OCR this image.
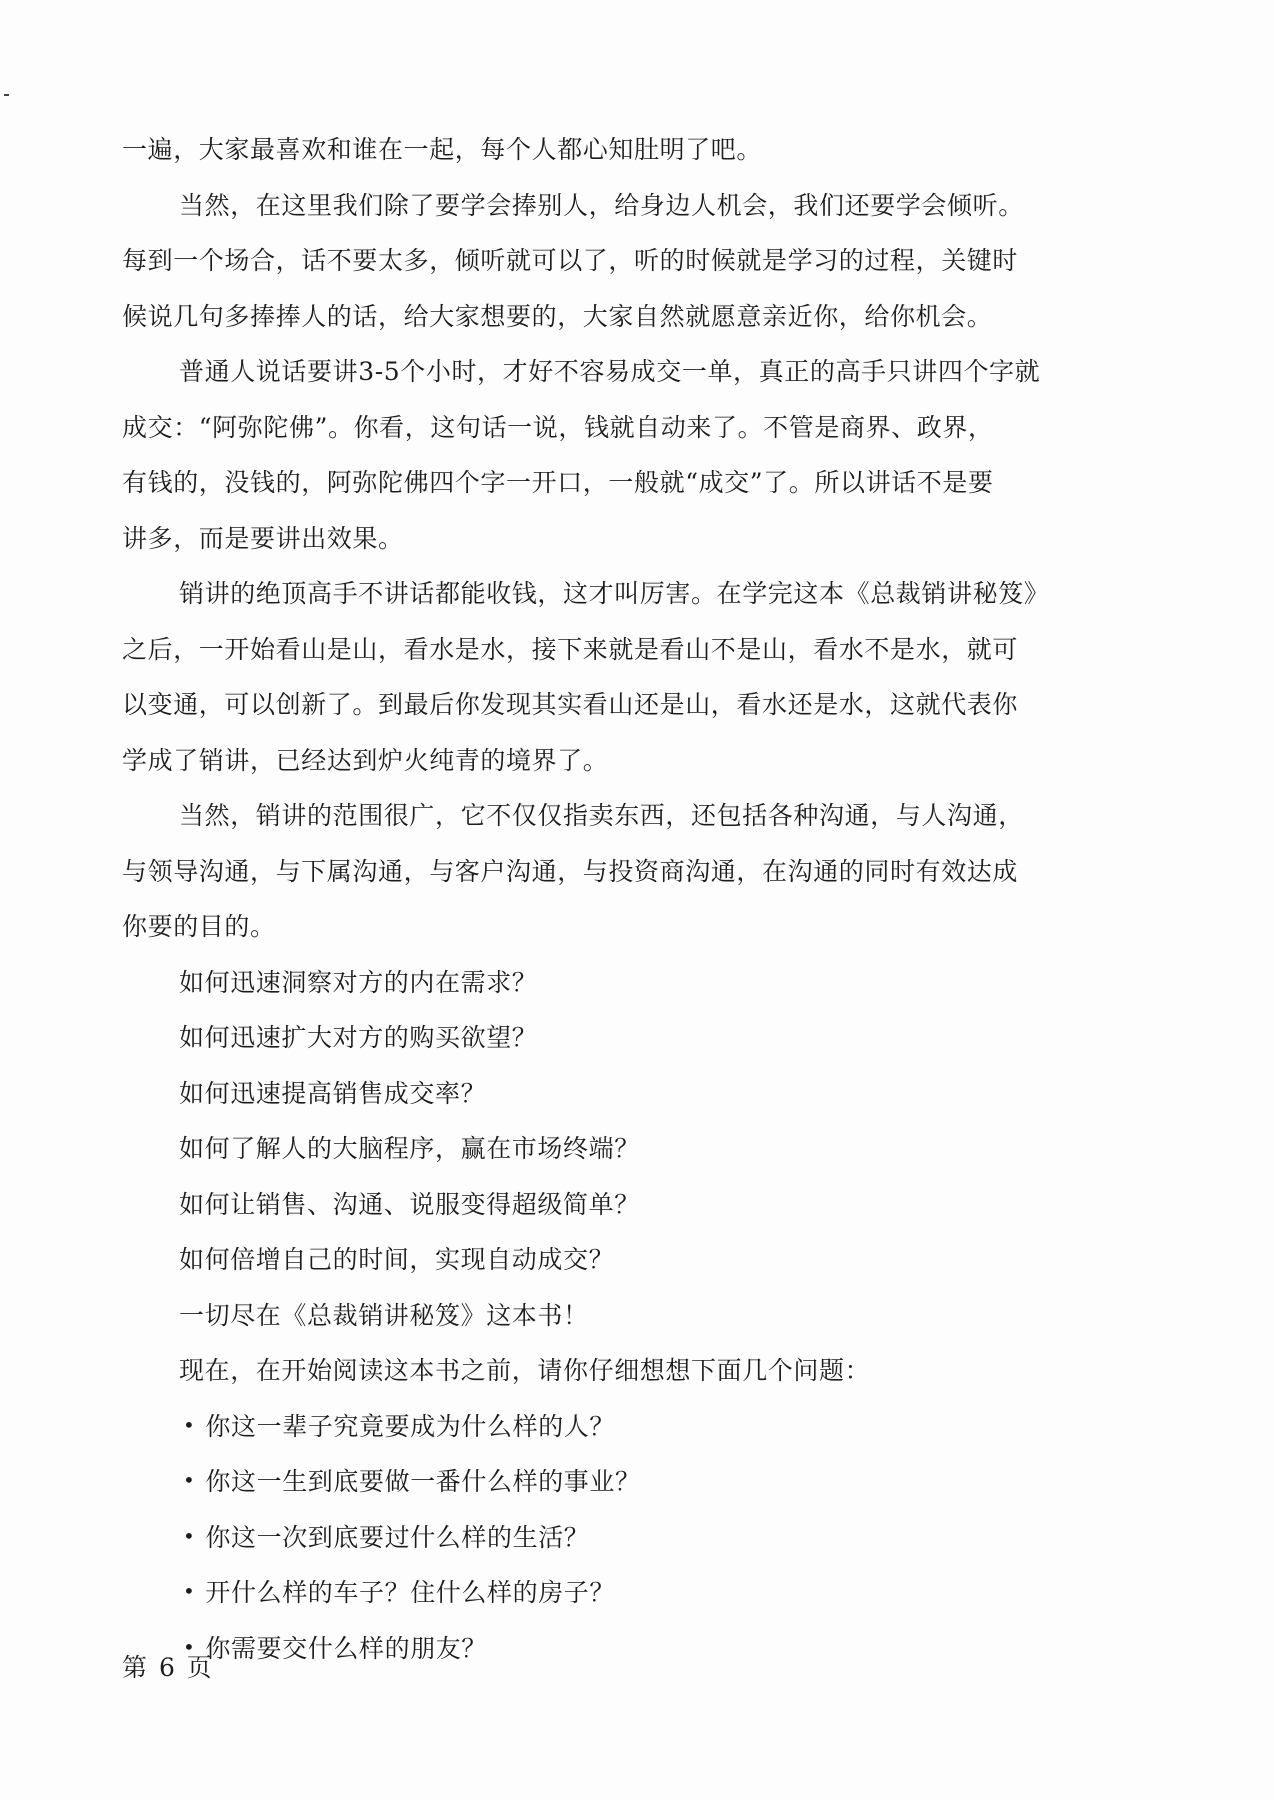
一遍，大家最喜欢和谁在一起，每个人都心知肚明了吧。
当然，在这里我们除了要学会捧别人，给身边人机会，我们还要学会倾听。
每到一个场合，话不要太多，倾听就可以了，听的时候就是学习的过程，关键时
候说几句多捧捧人的话，给大家想要的，大家自然就愿意亲近你，给你机会。
普通人说话要讲3-5个小时，才好不容易成交一单，真正的高手只讲四个字就
成交：“阿弥陀佛”。你看，这句话一说，钱就自动来了。不管是商界、政界，
有钱的，没钱的，阿弥陀佛四个字一开口，一般就“成交”了。所以讲话不是要
讲多，而是要讲出效果。
销讲的绝顶高手不讲话都能收钱，这才叫厉害。在学完这本《总裁销讲秘笈》
之后，一开始看山是山，看水是水，接下来就是看山不是山，看水不是水，就可
以变通，可以创新了。到最后你发现其实看山还是山，看水还是水，这就代表你
学成了销讲，已经达到炉火纯青的境界了。
当然，销讲的范围很广，它不仅仅指卖东西，还包括各种沟通，与人沟通，
与领导沟通，与下属沟通，与客户沟通，与投资商沟通，在沟通的同时有效达成
你要的目的。
如何迅速洞察对方的内在需求？
如何迅速扩大对方的购买欲望？
如何迅速提高销售成交率？
如何了解人的大脑程序，赢在市场终端？
如何让销售、沟通、说服变得超级简单？
如何倍增自己的时间，实现自动成交？
一切尽在《总裁销讲秘笈》这本书！
现在，在开始阅读这本书之前，请你仔细想想下面几个问题：
• 你这一辈子究竟要成为什么样的人？
• 你这一生到底要做一番什么样的事业？
• 你这一次到底要过什么样的生活？
• 开什么样的车子？住什么样的房子？
• 你需要交什么样的朋友？
第 6 页
